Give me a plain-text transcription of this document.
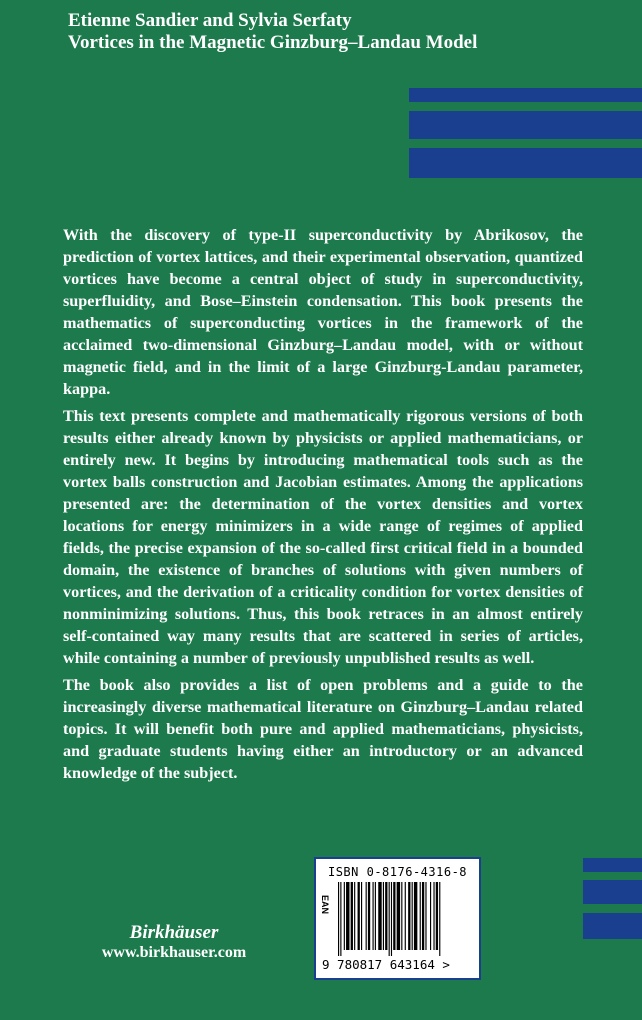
Etienne Sandier and Sylvia Serfaty
Vortices in the Magnetic Ginzburg–Landau Model

With the discovery of type-II superconductivity by Abrikosov, the prediction of vortex lattices, and their experimental observation, quantized vortices have become a central object of study in superconductivity, superfluidity, and Bose–Einstein condensation. This book presents the mathematics of superconducting vortices in the framework of the acclaimed two-dimensional Ginzburg–Landau model, with or without magnetic field, and in the limit of a large Ginzburg-Landau parameter, kappa.

This text presents complete and mathematically rigorous versions of both results either already known by physicists or applied mathematicians, or entirely new. It begins by introducing mathematical tools such as the vortex balls construction and Jacobian estimates. Among the applications presented are: the determination of the vortex densities and vortex locations for energy minimizers in a wide range of regimes of applied fields, the precise expansion of the so-called first critical field in a bounded domain, the existence of branches of solutions with given numbers of vortices, and the derivation of a criticality condition for vortex densities of nonminimizing solutions. Thus, this book retraces in an almost entirely self-contained way many results that are scattered in series of articles, while containing a number of previously unpublished results as well.

The book also provides a list of open problems and a guide to the increasingly diverse mathematical literature on Ginzburg–Landau related topics. It will benefit both pure and applied mathematicians, physicists, and graduate students having either an introductory or an advanced knowledge of the subject.

ISBN 0-8176-4316-8
EAN
9 780817 643164 >
Birkhäuser
www.birkhauser.com
